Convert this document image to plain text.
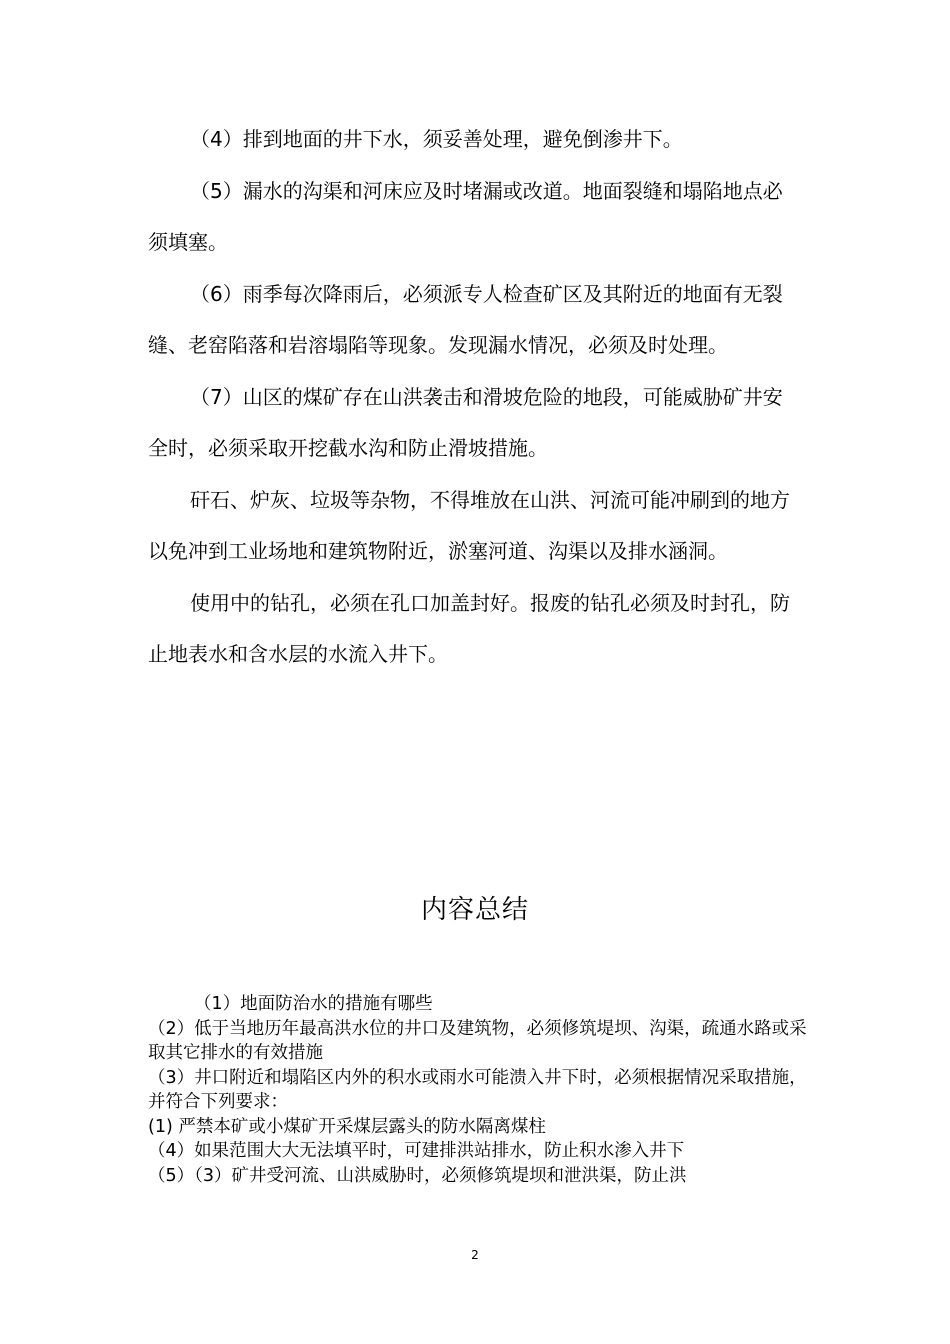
（4）排到地面的井下水，须妥善处理，避免倒渗井下。

（5）漏水的沟渠和河床应及时堵漏或改道。地面裂缝和塌陷地点必须填塞。

（6）雨季每次降雨后，必须派专人检查矿区及其附近的地面有无裂缝、老窑陷落和岩溶塌陷等现象。发现漏水情况，必须及时处理。

（7）山区的煤矿存在山洪袭击和滑坡危险的地段，可能威胁矿井安全时，必须采取开挖截水沟和防止滑坡措施。

矸石、炉灰、垃圾等杂物，不得堆放在山洪、河流可能冲刷到的地方以免冲到工业场地和建筑物附近，淤塞河道、沟渠以及排水涵洞。

使用中的钻孔，必须在孔口加盖封好。报废的钻孔必须及时封孔，防止地表水和含水层的水流入井下。

内容总结
（1）地面防治水的措施有哪些
（2）低于当地历年最高洪水位的井口及建筑物，必须修筑堤坝、沟渠，疏通水路或采取其它排水的有效措施
（3）井口附近和塌陷区内外的积水或雨水可能溃入井下时，必须根据情况采取措施，并符合下列要求：
(1) 严禁本矿或小煤矿开采煤层露头的防水隔离煤柱
（4）如果范围大大无法填平时，可建排洪站排水，防止积水渗入井下
（5）（3）矿井受河流、山洪威胁时，必须修筑堤坝和泄洪渠，防止洪
2
